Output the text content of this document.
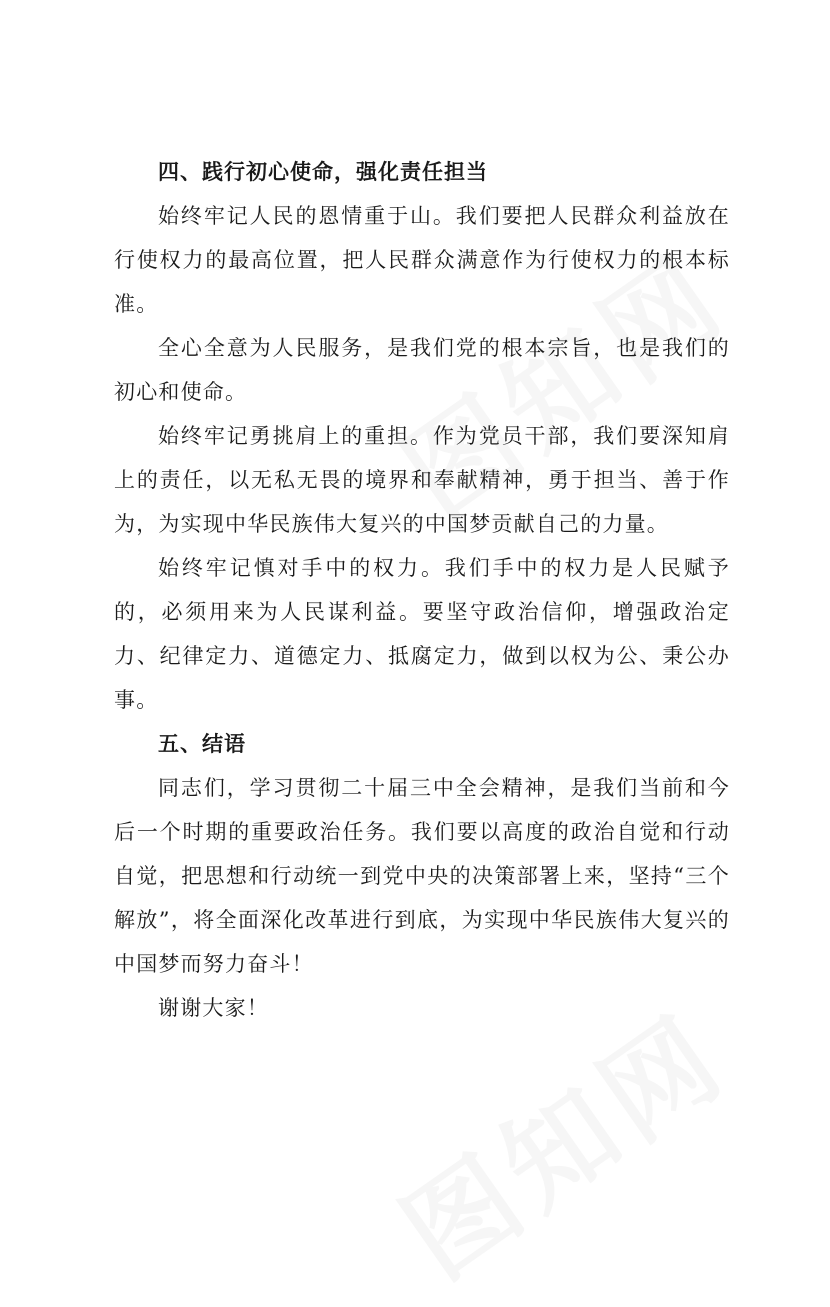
四、践行初心使命，强化责任担当

始终牢记人民的恩情重于山。我们要把人民群众利益放在行使权力的最高位置，把人民群众满意作为行使权力的根本标准。

全心全意为人民服务，是我们党的根本宗旨，也是我们的初心和使命。

始终牢记勇挑肩上的重担。作为党员干部，我们要深知肩上的责任，以无私无畏的境界和奉献精神，勇于担当、善于作为，为实现中华民族伟大复兴的中国梦贡献自己的力量。

始终牢记慎对手中的权力。我们手中的权力是人民赋予的，必须用来为人民谋利益。要坚守政治信仰，增强政治定力、纪律定力、道德定力、抵腐定力，做到以权为公、秉公办事。

五、结语

同志们，学习贯彻二十届三中全会精神，是我们当前和今后一个时期的重要政治任务。我们要以高度的政治自觉和行动自觉，把思想和行动统一到党中央的决策部署上来，坚持“三个解放”，将全面深化改革进行到底，为实现中华民族伟大复兴的中国梦而努力奋斗！

谢谢大家！
